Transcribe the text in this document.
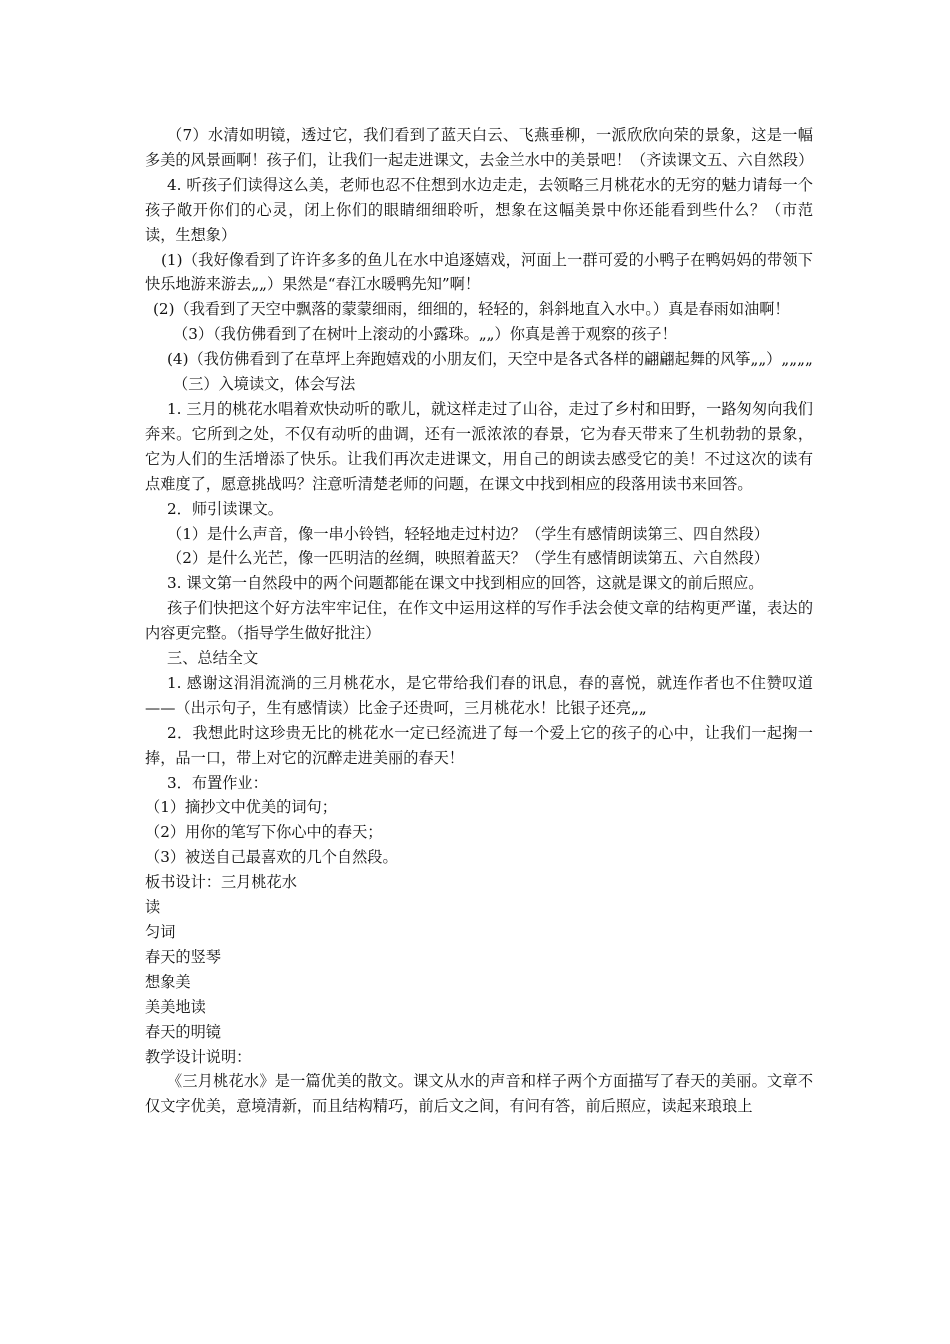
（7）水清如明镜，透过它，我们看到了蓝天白云、飞燕垂柳，一派欣欣向荣的景象，这是一幅多美的风景画啊！孩子们，让我们一起走进课文，去金兰水中的美景吧！（齐读课文五、六自然段）

4. 听孩子们读得这么美，老师也忍不住想到水边走走，去领略三月桃花水的无穷的魅力请每一个孩子敞开你们的心灵，闭上你们的眼睛细细聆听，想象在这幅美景中你还能看到些什么？（市范读，生想象）

(1)（我好像看到了许许多多的鱼儿在水中追逐嬉戏，河面上一群可爱的小鸭子在鸭妈妈的带领下快乐地游来游去„„）果然是“春江水暖鸭先知”啊！

(2)（我看到了天空中飘落的蒙蒙细雨，细细的，轻轻的，斜斜地直入水中。）真是春雨如油啊！

（3）（我仿佛看到了在树叶上滚动的小露珠。„„）你真是善于观察的孩子！

(4)（我仿佛看到了在草坪上奔跑嬉戏的小朋友们，天空中是各式各样的翩翩起舞的风筝„„）„„„„

（三）入境读文，体会写法

1. 三月的桃花水唱着欢快动听的歌儿，就这样走过了山谷，走过了乡村和田野，一路匆匆向我们奔来。它所到之处，不仅有动听的曲调，还有一派浓浓的春景，它为春天带来了生机勃勃的景象，它为人们的生活增添了快乐。让我们再次走进课文，用自己的朗读去感受它的美！不过这次的读有点难度了，愿意挑战吗？注意听清楚老师的问题，在课文中找到相应的段落用读书来回答。

2．师引读课文。

（1）是什么声音，像一串小铃铛，轻轻地走过村边？（学生有感情朗读第三、四自然段）

（2）是什么光芒，像一匹明洁的丝绸，映照着蓝天？（学生有感情朗读第五、六自然段）

3. 课文第一自然段中的两个问题都能在课文中找到相应的回答，这就是课文的前后照应。

孩子们快把这个好方法牢牢记住，在作文中运用这样的写作手法会使文章的结构更严谨，表达的内容更完整。（指导学生做好批注）

三、总结全文

1. 感谢这涓涓流淌的三月桃花水，是它带给我们春的讯息，春的喜悦，就连作者也不住赞叹道——（出示句子，生有感情读）比金子还贵呵，三月桃花水！比银子还亮„„

2．我想此时这珍贵无比的桃花水一定已经流进了每一个爱上它的孩子的心中，让我们一起掬一捧，品一口，带上对它的沉醉走进美丽的春天！

3．布置作业：

（1）摘抄文中优美的词句；

（2）用你的笔写下你心中的春天；

（3）被送自己最喜欢的几个自然段。

板书设计：三月桃花水

读

匀词

春天的竖琴

想象美

美美地读

春天的明镜

教学设计说明：

《三月桃花水》是一篇优美的散文。课文从水的声音和样子两个方面描写了春天的美丽。文章不仅文字优美，意境清新，而且结构精巧，前后文之间，有问有答，前后照应，读起来琅琅上
